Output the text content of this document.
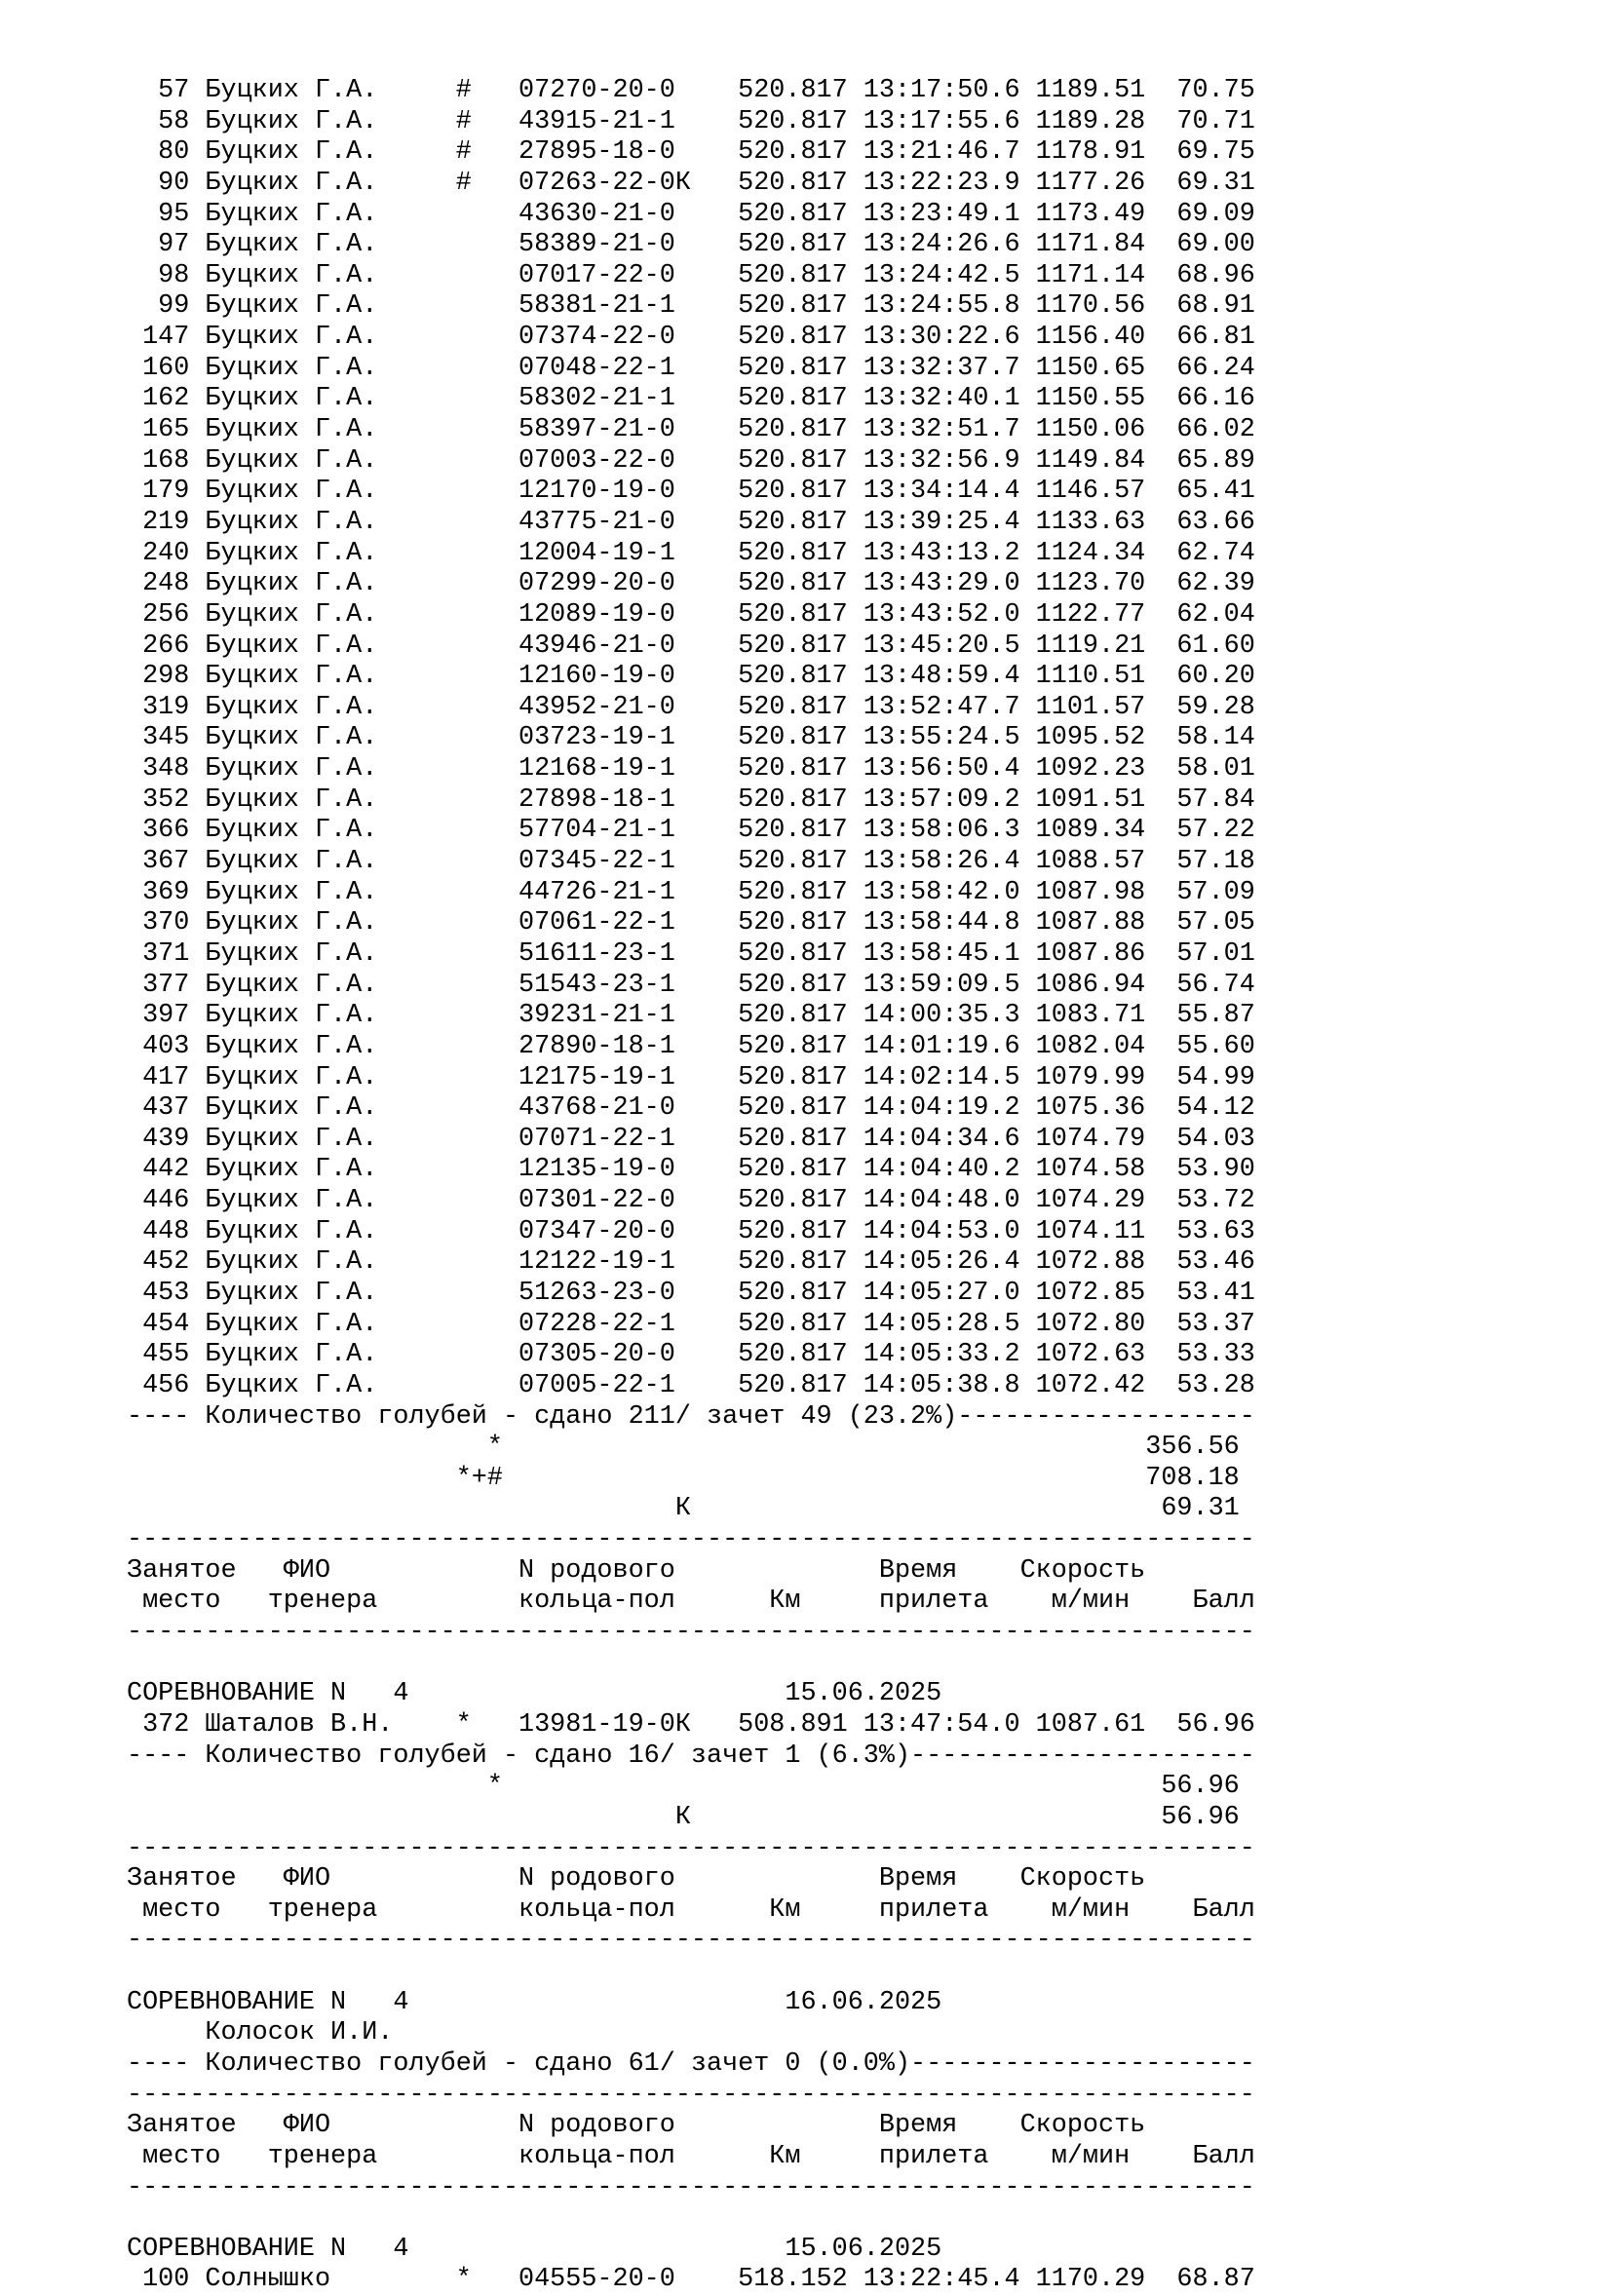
57 Буцких Г.А.     #   07270-20-0    520.817 13:17:50.6 1189.51  70.75
58 Буцких Г.А.     #   43915-21-1    520.817 13:17:55.6 1189.28  70.71
80 Буцких Г.А.     #   27895-18-0    520.817 13:21:46.7 1178.91  69.75
90 Буцких Г.А.     #   07263-22-0К   520.817 13:22:23.9 1177.26  69.31
95 Буцких Г.А.         43630-21-0    520.817 13:23:49.1 1173.49  69.09
97 Буцких Г.А.         58389-21-0    520.817 13:24:26.6 1171.84  69.00
98 Буцких Г.А.         07017-22-0    520.817 13:24:42.5 1171.14  68.96
99 Буцких Г.А.         58381-21-1    520.817 13:24:55.8 1170.56  68.91
147 Буцких Г.А.         07374-22-0    520.817 13:30:22.6 1156.40  66.81
160 Буцких Г.А.         07048-22-1    520.817 13:32:37.7 1150.65  66.24
162 Буцких Г.А.         58302-21-1    520.817 13:32:40.1 1150.55  66.16
165 Буцких Г.А.         58397-21-0    520.817 13:32:51.7 1150.06  66.02
168 Буцких Г.А.         07003-22-0    520.817 13:32:56.9 1149.84  65.89
179 Буцких Г.А.         12170-19-0    520.817 13:34:14.4 1146.57  65.41
219 Буцких Г.А.         43775-21-0    520.817 13:39:25.4 1133.63  63.66
240 Буцких Г.А.         12004-19-1    520.817 13:43:13.2 1124.34  62.74
248 Буцких Г.А.         07299-20-0    520.817 13:43:29.0 1123.70  62.39
256 Буцких Г.А.         12089-19-0    520.817 13:43:52.0 1122.77  62.04
266 Буцких Г.А.         43946-21-0    520.817 13:45:20.5 1119.21  61.60
298 Буцких Г.А.         12160-19-0    520.817 13:48:59.4 1110.51  60.20
319 Буцких Г.А.         43952-21-0    520.817 13:52:47.7 1101.57  59.28
345 Буцких Г.А.         03723-19-1    520.817 13:55:24.5 1095.52  58.14
348 Буцких Г.А.         12168-19-1    520.817 13:56:50.4 1092.23  58.01
352 Буцких Г.А.         27898-18-1    520.817 13:57:09.2 1091.51  57.84
366 Буцких Г.А.         57704-21-1    520.817 13:58:06.3 1089.34  57.22
367 Буцких Г.А.         07345-22-1    520.817 13:58:26.4 1088.57  57.18
369 Буцких Г.А.         44726-21-1    520.817 13:58:42.0 1087.98  57.09
370 Буцких Г.А.         07061-22-1    520.817 13:58:44.8 1087.88  57.05
371 Буцких Г.А.         51611-23-1    520.817 13:58:45.1 1087.86  57.01
377 Буцких Г.А.         51543-23-1    520.817 13:59:09.5 1086.94  56.74
397 Буцких Г.А.         39231-21-1    520.817 14:00:35.3 1083.71  55.87
403 Буцких Г.А.         27890-18-1    520.817 14:01:19.6 1082.04  55.60
417 Буцких Г.А.         12175-19-1    520.817 14:02:14.5 1079.99  54.99
437 Буцких Г.А.         43768-21-0    520.817 14:04:19.2 1075.36  54.12
439 Буцких Г.А.         07071-22-1    520.817 14:04:34.6 1074.79  54.03
442 Буцких Г.А.         12135-19-0    520.817 14:04:40.2 1074.58  53.90
446 Буцких Г.А.         07301-22-0    520.817 14:04:48.0 1074.29  53.72
448 Буцких Г.А.         07347-20-0    520.817 14:04:53.0 1074.11  53.63
452 Буцких Г.А.         12122-19-1    520.817 14:05:26.4 1072.88  53.46
453 Буцких Г.А.         51263-23-0    520.817 14:05:27.0 1072.85  53.41
454 Буцких Г.А.         07228-22-1    520.817 14:05:28.5 1072.80  53.37
455 Буцких Г.А.         07305-20-0    520.817 14:05:33.2 1072.63  53.33
456 Буцких Г.А.         07005-22-1    520.817 14:05:38.8 1072.42  53.28
---- Количество голубей - сдано 211/ зачет 49 (23.2%)-------------------
*                                         356.56
*+#                                         708.18
К                              69.31
------------------------------------------------------------------------
Занятое   ФИО            N родового             Время    Скорость
место   тренера         кольца-пол      Км     прилета    м/мин    Балл
------------------------------------------------------------------------
СОРЕВНОВАНИЕ N   4                        15.06.2025
372 Шаталов В.Н.    *   13981-19-0К   508.891 13:47:54.0 1087.61  56.96
---- Количество голубей - сдано 16/ зачет 1 (6.3%)----------------------
*                                          56.96
К                              56.96
------------------------------------------------------------------------
Занятое   ФИО            N родового             Время    Скорость
место   тренера         кольца-пол      Км     прилета    м/мин    Балл
------------------------------------------------------------------------
СОРЕВНОВАНИЕ N   4                        16.06.2025
Колосок И.И.
---- Количество голубей - сдано 61/ зачет 0 (0.0%)----------------------
------------------------------------------------------------------------
Занятое   ФИО            N родового             Время    Скорость
место   тренера         кольца-пол      Км     прилета    м/мин    Балл
------------------------------------------------------------------------
СОРЕВНОВАНИЕ N   4                        15.06.2025
100 Солнышко        *   04555-20-0    518.152 13:22:45.4 1170.29  68.87
